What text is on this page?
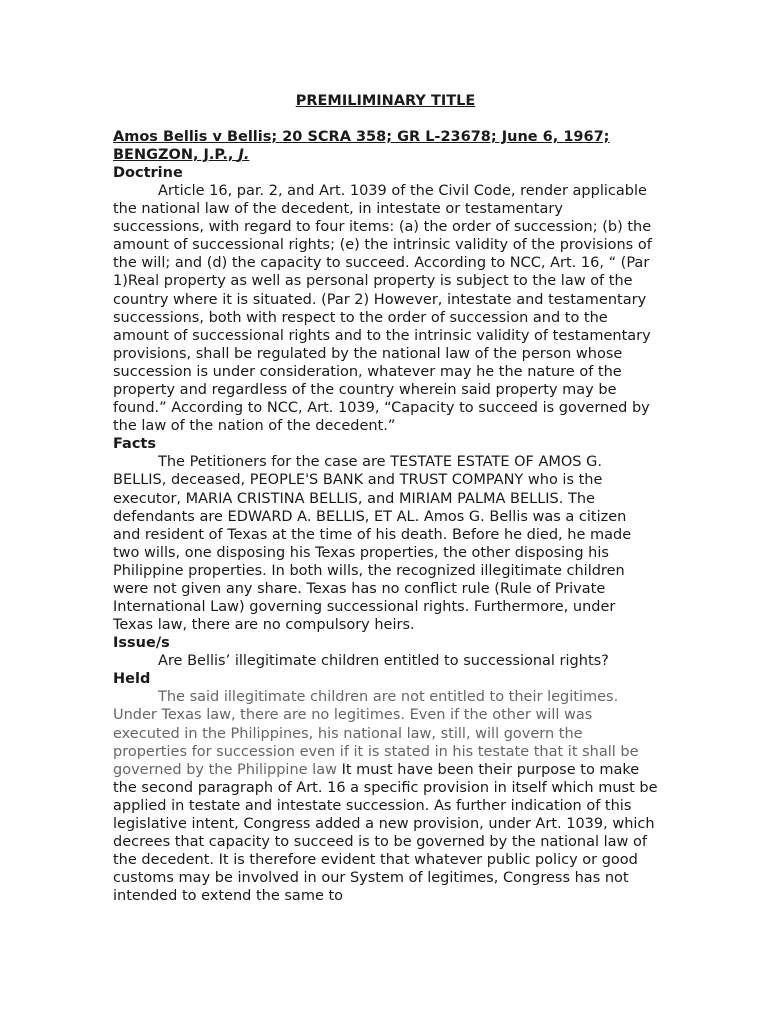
PREMILIMINARY TITLE
Amos Bellis v Bellis; 20 SCRA 358; GR L-23678; June 6, 1967; BENGZON, J.P., J.
Doctrine

Article 16, par. 2, and Art. 1039 of the Civil Code, render applicable the national law of the decedent, in intestate or testamentary successions, with regard to four items: (a) the order of succession; (b) the amount of successional rights; (e) the intrinsic validity of the provisions of the will; and (d) the capacity to succeed. According to NCC, Art. 16, “ (Par 1)Real property as well as personal property is subject to the law of the country where it is situated. (Par 2) However, intestate and testamentary successions, both with respect to the order of succession and to the amount of successional rights and to the intrinsic validity of testamentary provisions, shall be regulated by the national law of the person whose succession is under consideration, whatever may he the nature of the property and regardless of the country wherein said property may be found.” According to NCC, Art. 1039, “Capacity to succeed is governed by the law of the nation of the decedent.”

Facts

The Petitioners for the case are TESTATE ESTATE OF AMOS G. BELLIS, deceased, PEOPLE'S BANK and TRUST COMPANY who is the executor, MARIA CRISTINA BELLIS, and MIRIAM PALMA BELLIS. The defendants are EDWARD A. BELLIS, ET AL. Amos G. Bellis was a citizen and resident of Texas at the time of his death. Before he died, he made two wills, one disposing his Texas properties, the other disposing his Philippine properties. In both wills, the recognized illegitimate children were not given any share. Texas has no conflict rule (Rule of Private International Law) governing successional rights. Furthermore, under Texas law, there are no compulsory heirs.

Issue/s

Are Bellis’ illegitimate children entitled to successional rights?

Held

The said illegitimate children are not entitled to their legitimes. Under Texas law, there are no legitimes. Even if the other will was executed in the Philippines, his national law, still, will govern the properties for succession even if it is stated in his testate that it shall be governed by the Philippine law It must have been their purpose to make the second paragraph of Art. 16 a specific provision in itself which must be applied in testate and intestate succession. As further indication of this legislative intent, Congress added a new provision, under Art. 1039, which decrees that capacity to succeed is to be governed by the national law of the decedent. It is therefore evident that whatever public policy or good customs may be involved in our System of legitimes, Congress has not intended to extend the same to
